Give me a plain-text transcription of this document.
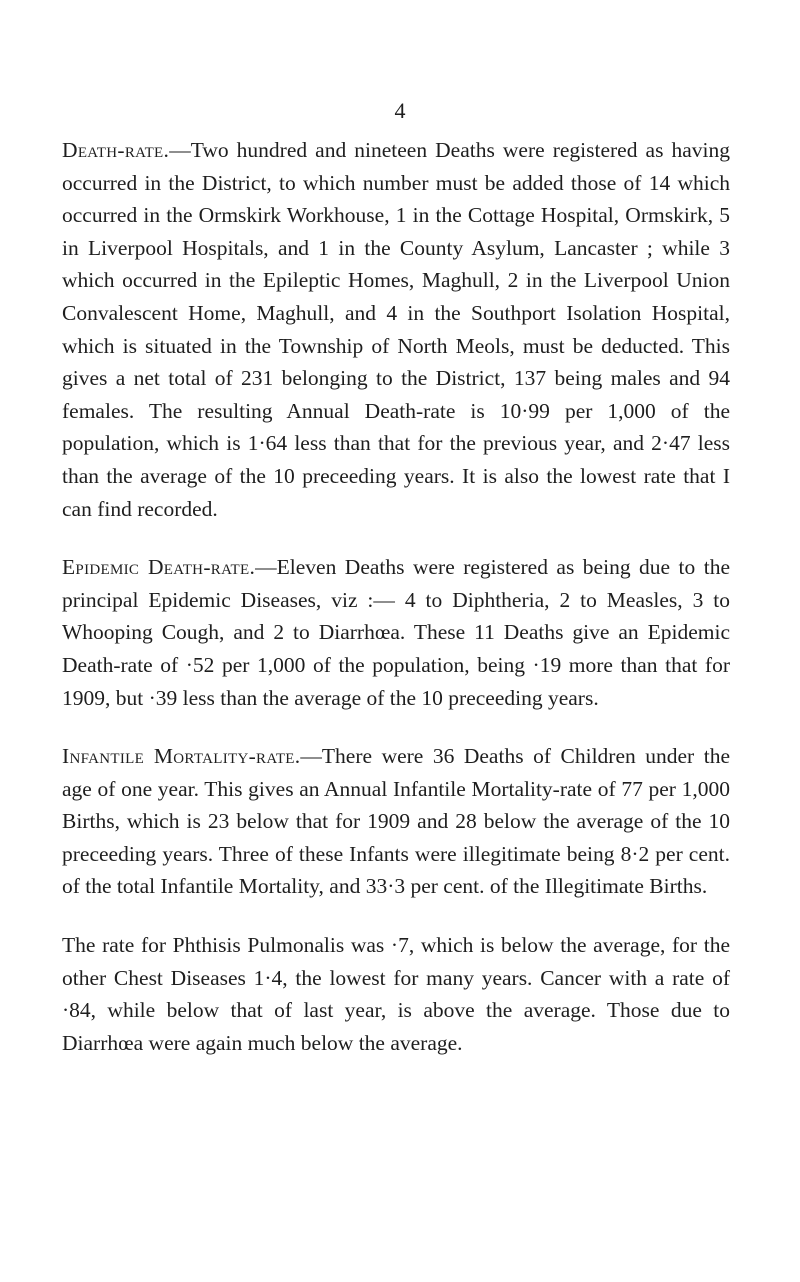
4

Death-rate.—Two hundred and nineteen Deaths were registered as having occurred in the District, to which number must be added those of 14 which occurred in the Ormskirk Workhouse, 1 in the Cottage Hospital, Ormskirk, 5 in Liverpool Hospitals, and 1 in the County Asylum, Lancaster ; while 3 which occurred in the Epileptic Homes, Maghull, 2 in the Liverpool Union Convalescent Home, Maghull, and 4 in the Southport Isolation Hospital, which is situated in the Township of North Meols, must be deducted. This gives a net total of 231 belonging to the District, 137 being males and 94 females. The resulting Annual Death-rate is 10·99 per 1,000 of the population, which is 1·64 less than that for the previous year, and 2·47 less than the average of the 10 preceeding years. It is also the lowest rate that I can find recorded.

Epidemic Death-rate.—Eleven Deaths were registered as being due to the principal Epidemic Diseases, viz :— 4 to Diphtheria, 2 to Measles, 3 to Whooping Cough, and 2 to Diarrhœa. These 11 Deaths give an Epidemic Death-rate of ·52 per 1,000 of the population, being ·19 more than that for 1909, but ·39 less than the average of the 10 preceeding years.

Infantile Mortality-rate.—There were 36 Deaths of Children under the age of one year. This gives an Annual Infantile Mortality-rate of 77 per 1,000 Births, which is 23 below that for 1909 and 28 below the average of the 10 preceeding years. Three of these Infants were illegitimate being 8·2 per cent. of the total Infantile Mortality, and 33·3 per cent. of the Illegitimate Births.

The rate for Phthisis Pulmonalis was ·7, which is below the average, for the other Chest Diseases 1·4, the lowest for many years. Cancer with a rate of ·84, while below that of last year, is above the average. Those due to Diarrhœa were again much below the average.
